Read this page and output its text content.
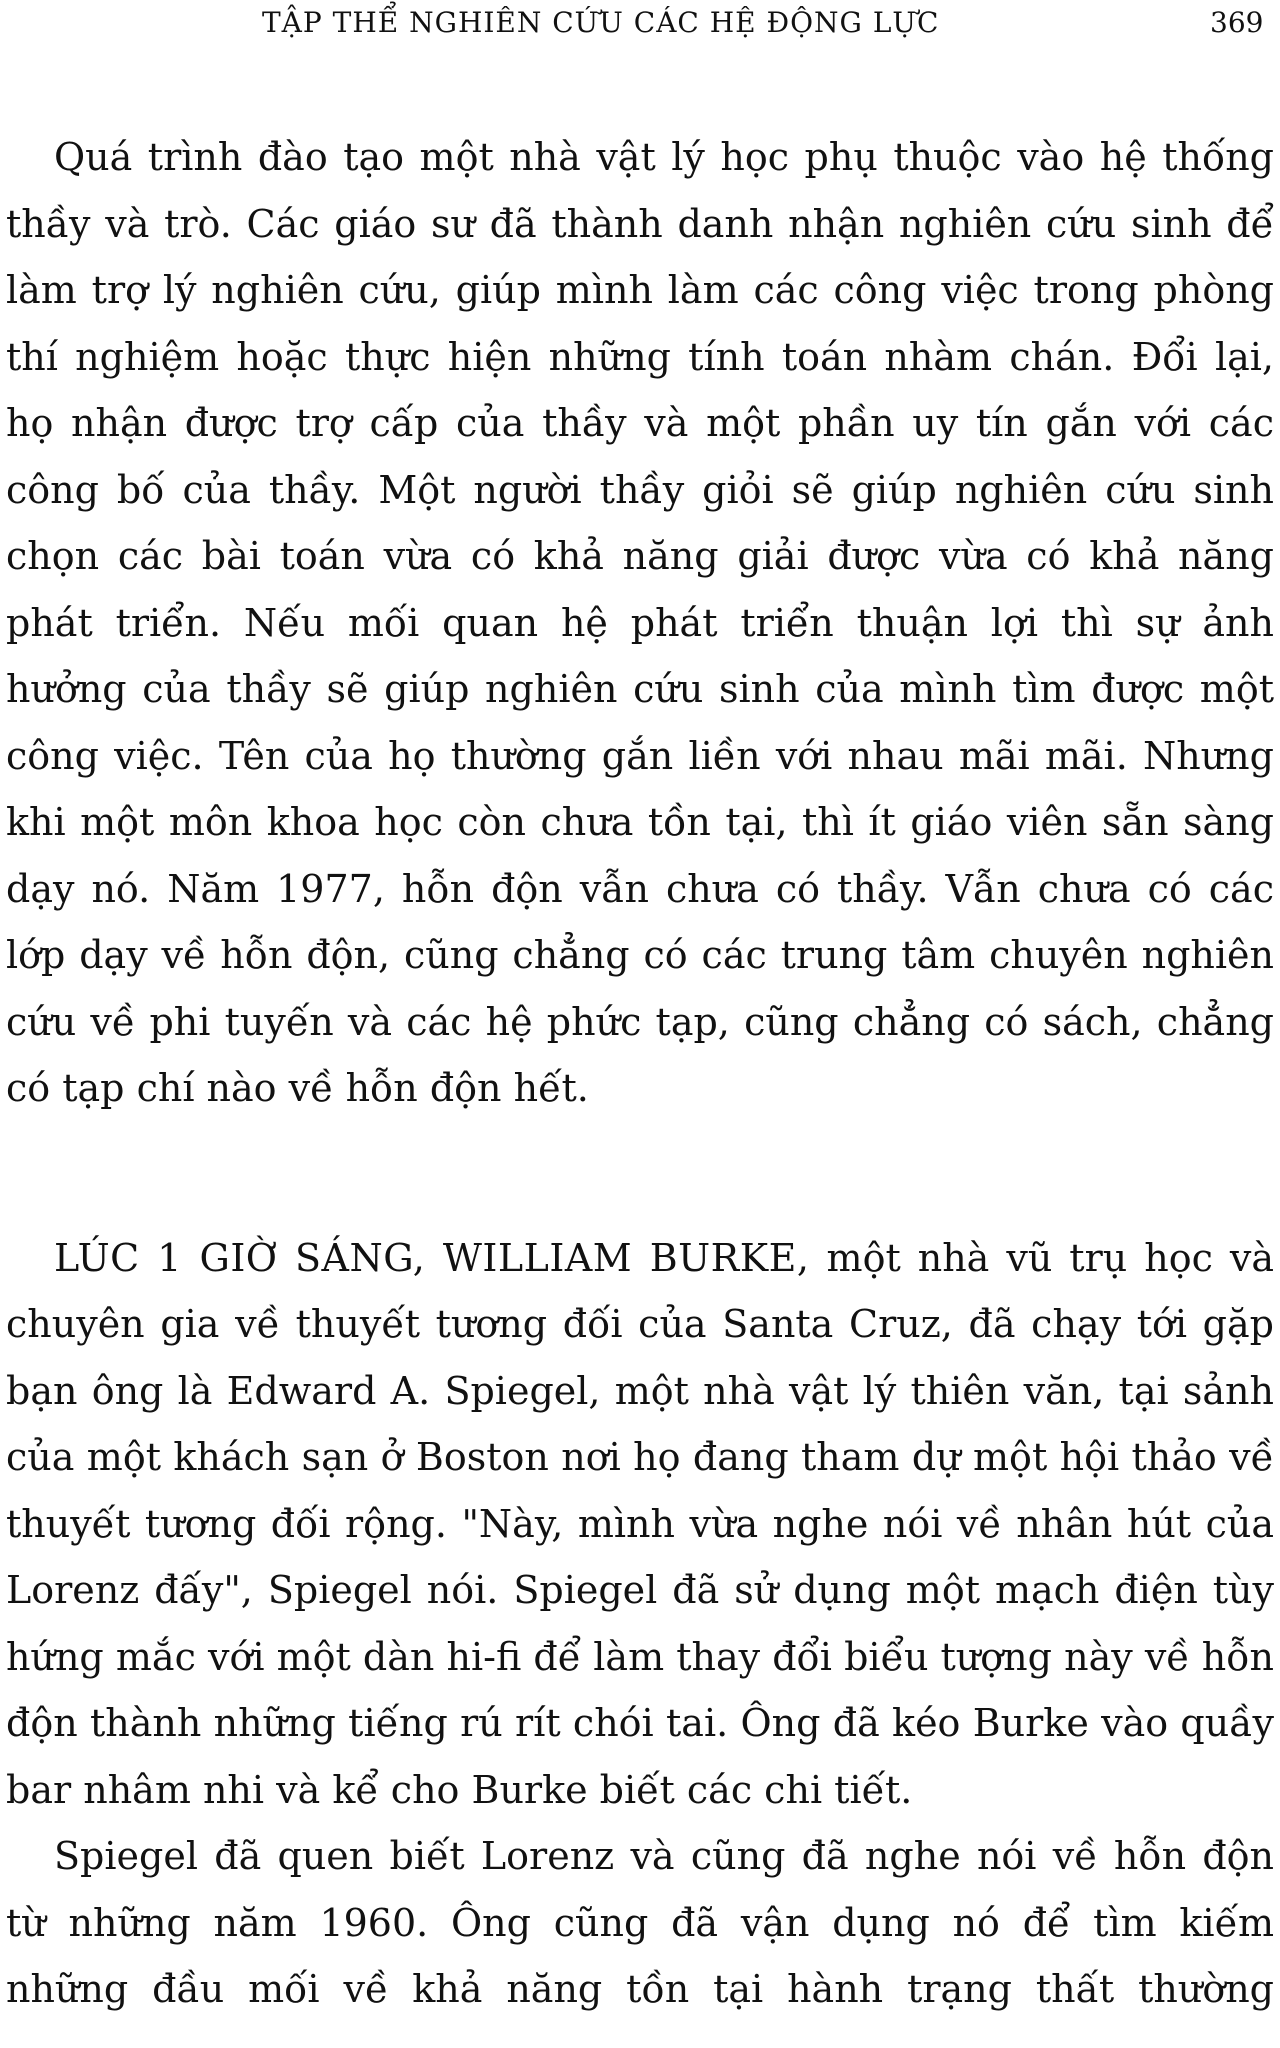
TẬP THỂ NGHIÊN CỨU CÁC HỆ ĐỘNG LỰC	369

Quá trình đào tạo một nhà vật lý học phụ thuộc vào hệ thống thầy và trò. Các giáo sư đã thành danh nhận nghiên cứu sinh để làm trợ lý nghiên cứu, giúp mình làm các công việc trong phòng thí nghiệm hoặc thực hiện những tính toán nhàm chán. Đổi lại, họ nhận được trợ cấp của thầy và một phần uy tín gắn với các công bố của thầy. Một người thầy giỏi sẽ giúp nghiên cứu sinh chọn các bài toán vừa có khả năng giải được vừa có khả năng phát triển. Nếu mối quan hệ phát triển thuận lợi thì sự ảnh hưởng của thầy sẽ giúp nghiên cứu sinh của mình tìm được một công việc. Tên của họ thường gắn liền với nhau mãi mãi. Nhưng khi một môn khoa học còn chưa tồn tại, thì ít giáo viên sẵn sàng dạy nó. Năm 1977, hỗn độn vẫn chưa có thầy. Vẫn chưa có các lớp dạy về hỗn độn, cũng chẳng có các trung tâm chuyên nghiên cứu về phi tuyến và các hệ phức tạp, cũng chẳng có sách, chẳng có tạp chí nào về hỗn độn hết.

LÚC 1 GIỜ SÁNG, WILLIAM BURKE, một nhà vũ trụ học và chuyên gia về thuyết tương đối của Santa Cruz, đã chạy tới gặp bạn ông là Edward A. Spiegel, một nhà vật lý thiên văn, tại sảnh của một khách sạn ở Boston nơi họ đang tham dự một hội thảo về thuyết tương đối rộng. "Này, mình vừa nghe nói về nhân hút của Lorenz đấy", Spiegel nói. Spiegel đã sử dụng một mạch điện tùy hứng mắc với một dàn hi-fi để làm thay đổi biểu tượng này về hỗn độn thành những tiếng rú rít chói tai. Ông đã kéo Burke vào quầy bar nhâm nhi và kể cho Burke biết các chi tiết.

Spiegel đã quen biết Lorenz và cũng đã nghe nói về hỗn độn từ những năm 1960. Ông cũng đã vận dụng nó để tìm kiếm những đầu mối về khả năng tồn tại hành trạng thất thường
